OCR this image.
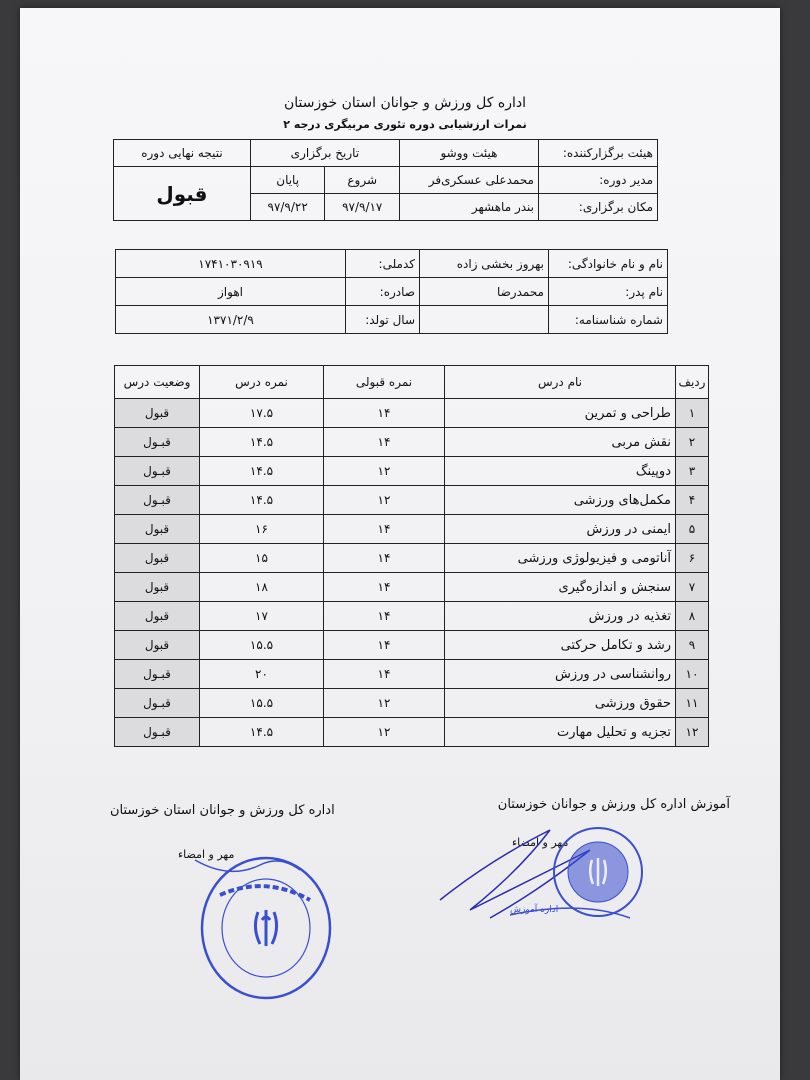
اداره کل ورزش و جوانان استان خوزستان
نمرات ارزشیابی دوره تئوری مربیگری درجه ۲
هیئت برگزارکننده:	هیئت ووشو	تاریخ برگزاری		نتیجه نهایی دوره
مدیر دوره:	محمدعلی عسکری‌فر	شروع	پایان	قبول
مکان برگزاری:	بندر ماهشهر	۹۷/۹/۱۷	۹۷/۹/۲۲	
نام و نام خانوادگی:	بهروز بخشی زاده	کدملی:	۱۷۴۱۰۳۰۹۱۹
نام پدر:	محمدرضا	صادره:	اهواز
شماره شناسنامه:		سال تولد:	۱۳۷۱/۲/۹
ردیف	نام درس	نمره قبولی	نمره درس	وضعیت درس
۱	طراحی و تمرین	۱۴	۱۷.۵	قبول
۲	نقش مربی	۱۴	۱۴.۵	قبـول
۳	دوپینگ	۱۲	۱۴.۵	قبـول
۴	مکمل‌های ورزشی	۱۲	۱۴.۵	قبـول
۵	ایمنی در ورزش	۱۴	۱۶	قبول
۶	آناتومی و فیزیولوژی ورزشی	۱۴	۱۵	قبول
۷	سنجش و اندازه‌گیری	۱۴	۱۸	قبول
۸	تغذیه در ورزش	۱۴	۱۷	قبول
۹	رشد و تکامل حرکتی	۱۴	۱۵.۵	قبول
۱۰	روانشناسی در ورزش	۱۴	۲۰	قبـول
۱۱	حقوق ورزشی	۱۲	۱۵.۵	قبـول
۱۲	تجزیه و تحلیل مهارت	۱۲	۱۴.۵	قبـول
اداره کل ورزش و جوانان استان خوزستان	آموزش اداره کل ورزش و جوانان خوزستان
مهر و امضاء
مهر و امضاء
اداره آموزش
